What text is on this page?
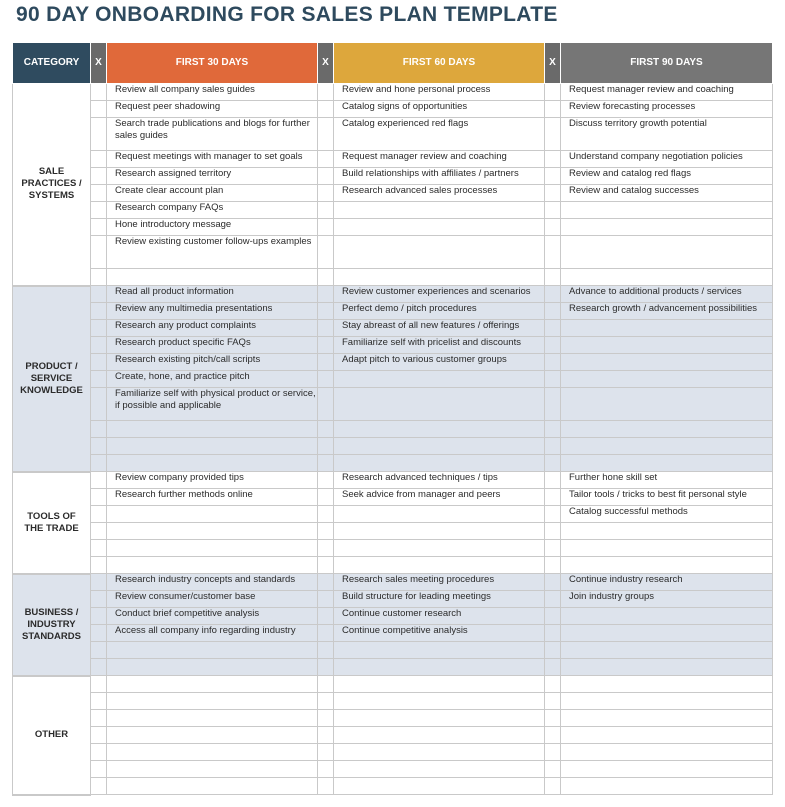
90 DAY ONBOARDING FOR SALES PLAN TEMPLATE
CATEGORY	X	FIRST 30 DAYS	X	FIRST 60 DAYS	X	FIRST 90 DAYS

SALE
PRACTICES /
SYSTEMS		Review all company sales guides		Review and hone personal process		Request manager review and coaching
		Request peer shadowing		Catalog signs of opportunities		Review forecasting processes
		Search trade publications and blogs for further sales guides		Catalog experienced red flags		Discuss territory growth potential
		Request meetings with manager to set goals		Request manager review and coaching		Understand company negotiation policies
		Research assigned territory		Build relationships with affiliates / partners		Review and catalog red flags
		Create clear account plan		Research advanced sales processes		Review and catalog successes
		Research company FAQs				
		Hone introductory message				
		Review existing customer follow-ups examples				

PRODUCT /
SERVICE
KNOWLEDGE		Read all product information		Review customer experiences and scenarios		Advance to additional products / services
		Review any multimedia presentations		Perfect demo / pitch procedures		Research growth / advancement possibilities
		Research any product complaints		Stay abreast of all new features / offerings		
		Research product specific FAQs		Familiarize self with pricelist and discounts		
		Research existing pitch/call scripts		Adapt pitch to various customer groups		
		Create, hone, and practice pitch				
		Familiarize self with physical product or service, if possible and applicable				

TOOLS OF
THE TRADE		Review company provided tips		Research advanced techniques / tips		Further hone skill set
		Research further methods online		Seek advice from manager and peers		Tailor tools / tricks to best fit personal style
						Catalog successful methods

BUSINESS /
INDUSTRY
STANDARDS		Research industry concepts and standards		Research sales meeting procedures		Continue industry research
		Review consumer/customer base		Build structure for leading meetings		Join industry groups
		Conduct brief competitive analysis		Continue customer research		
		Access all company info regarding industry		Continue competitive analysis		

OTHER						
